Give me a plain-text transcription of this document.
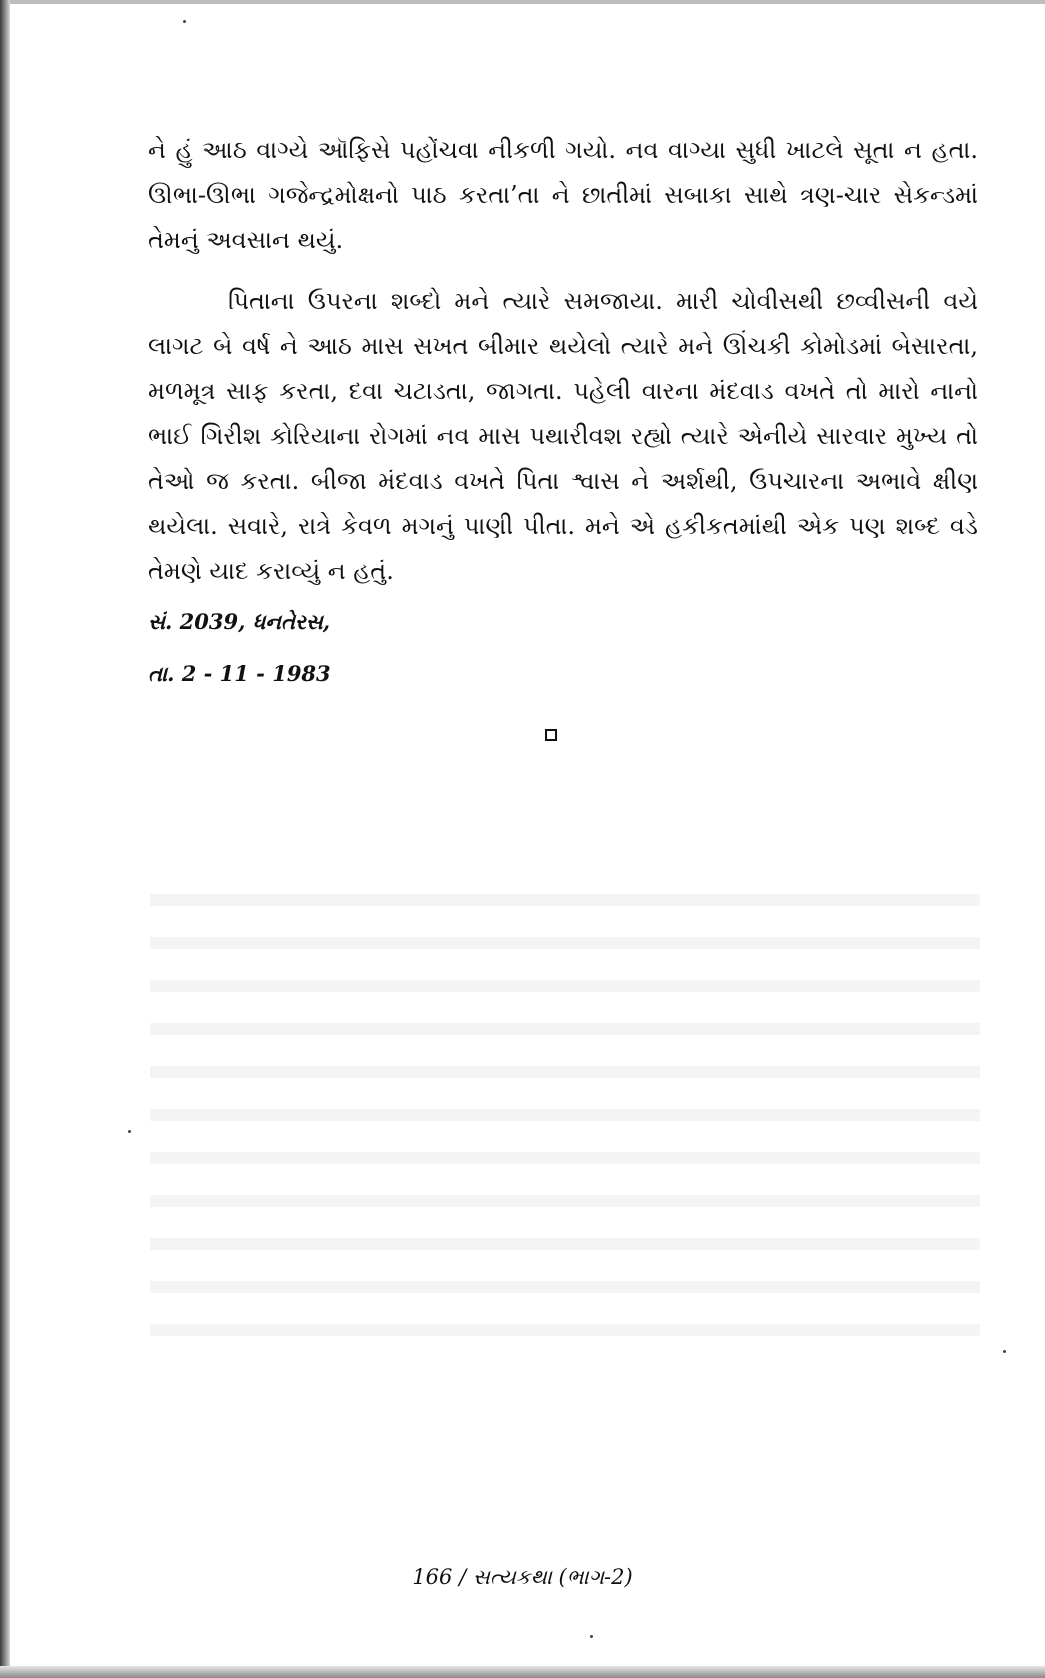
ને હું આઠ વાગ્યે ઑફિસે પહોંચવા નીકળી ગયો. નવ વાગ્યા સુધી ખાટલે સૂતા ન હતા. ઊભા-ઊભા ગજેન્દ્રમોક્ષનો પાઠ કરતા’તા ને છાતીમાં સબાકા સાથે ત્રણ-ચાર સેકન્ડમાં તેમનું અવસાન થયું.

પિતાના ઉપરના શબ્દો મને ત્યારે સમજાયા. મારી ચોવીસથી છવ્વીસની વયે લાગટ બે વર્ષ ને આઠ માસ સખત બીમાર થયેલો ત્યારે મને ઊંચકી કોમોડમાં બેસારતા, મળમૂત્ર સાફ કરતા, દવા ચટાડતા, જાગતા. પહેલી વારના મંદવાડ વખતે તો મારો નાનો ભાઈ ગિરીશ કોરિયાના રોગમાં નવ માસ પથારીવશ રહ્યો ત્યારે એનીયે સારવાર મુખ્ય તો તેઓ જ કરતા. બીજા મંદવાડ વખતે પિતા શ્વાસ ને અર્શથી, ઉપચારના અભાવે ક્ષીણ થયેલા. સવારે, રાત્રે કેવળ મગનું પાણી પીતા. મને એ હકીકતમાંથી એક પણ શબ્દ વડે તેમણે યાદ કરાવ્યું ન હતું.

સં. 2039, ધનતેરસ,

તા. 2 - 11 - 1983

166 / સત્યકથા (ભાગ-2)
